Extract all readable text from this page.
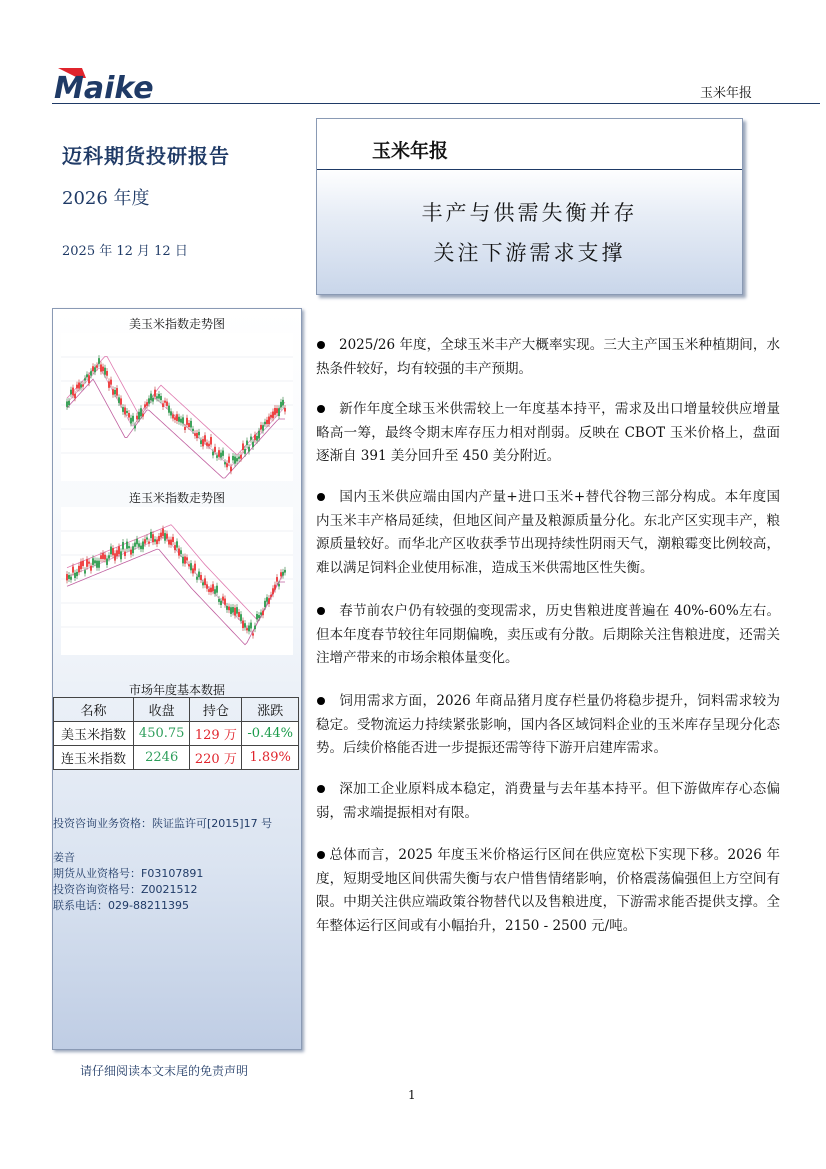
Maike	玉米年报
迈科期货投研报告
2026 年度
2025 年 12 月 12 日
玉米年报
丰产与供需失衡并存
关注下游需求支撑
美玉米指数走势图
连玉米指数走势图
市场年度基本数据
名称	收盘	持仓	涨跌
美玉米指数	450.75	129 万	-0.44%
连玉米指数	2246	220 万	1.89%
投资咨询业务资格：陕证监许可[2015]17 号
姜音
期货从业资格号：F03107891
投资咨询资格号：Z0021512
联系电话：029-88211395
2025/26 年度，全球玉米丰产大概率实现。三大主产国玉米种植期间，水热条件较好，均有较强的丰产预期。
新作年度全球玉米供需较上一年度基本持平，需求及出口增量较供应增量略高一筹，最终令期末库存压力相对削弱。反映在 CBOT 玉米价格上，盘面逐渐自 391 美分回升至 450 美分附近。
国内玉米供应端由国内产量+进口玉米+替代谷物三部分构成。本年度国内玉米丰产格局延续，但地区间产量及粮源质量分化。东北产区实现丰产，粮源质量较好。而华北产区收获季节出现持续性阴雨天气，潮粮霉变比例较高，难以满足饲料企业使用标准，造成玉米供需地区性失衡。
春节前农户仍有较强的变现需求，历史售粮进度普遍在 40%-60%左右。但本年度春节较往年同期偏晚，卖压或有分散。后期除关注售粮进度，还需关注增产带来的市场余粮体量变化。
饲用需求方面，2026 年商品猪月度存栏量仍将稳步提升，饲料需求较为稳定。受物流运力持续紧张影响，国内各区域饲料企业的玉米库存呈现分化态势。后续价格能否进一步提振还需等待下游开启建库需求。
深加工企业原料成本稳定，消费量与去年基本持平。但下游做库存心态偏弱，需求端提振相对有限。
总体而言，2025 年度玉米价格运行区间在供应宽松下实现下移。2026 年度，短期受地区间供需失衡与农户惜售情绪影响，价格震荡偏强但上方空间有限。中期关注供应端政策谷物替代以及售粮进度，下游需求能否提供支撑。全年整体运行区间或有小幅抬升，2150 - 2500 元/吨。
请仔细阅读本文末尾的免责声明
1
